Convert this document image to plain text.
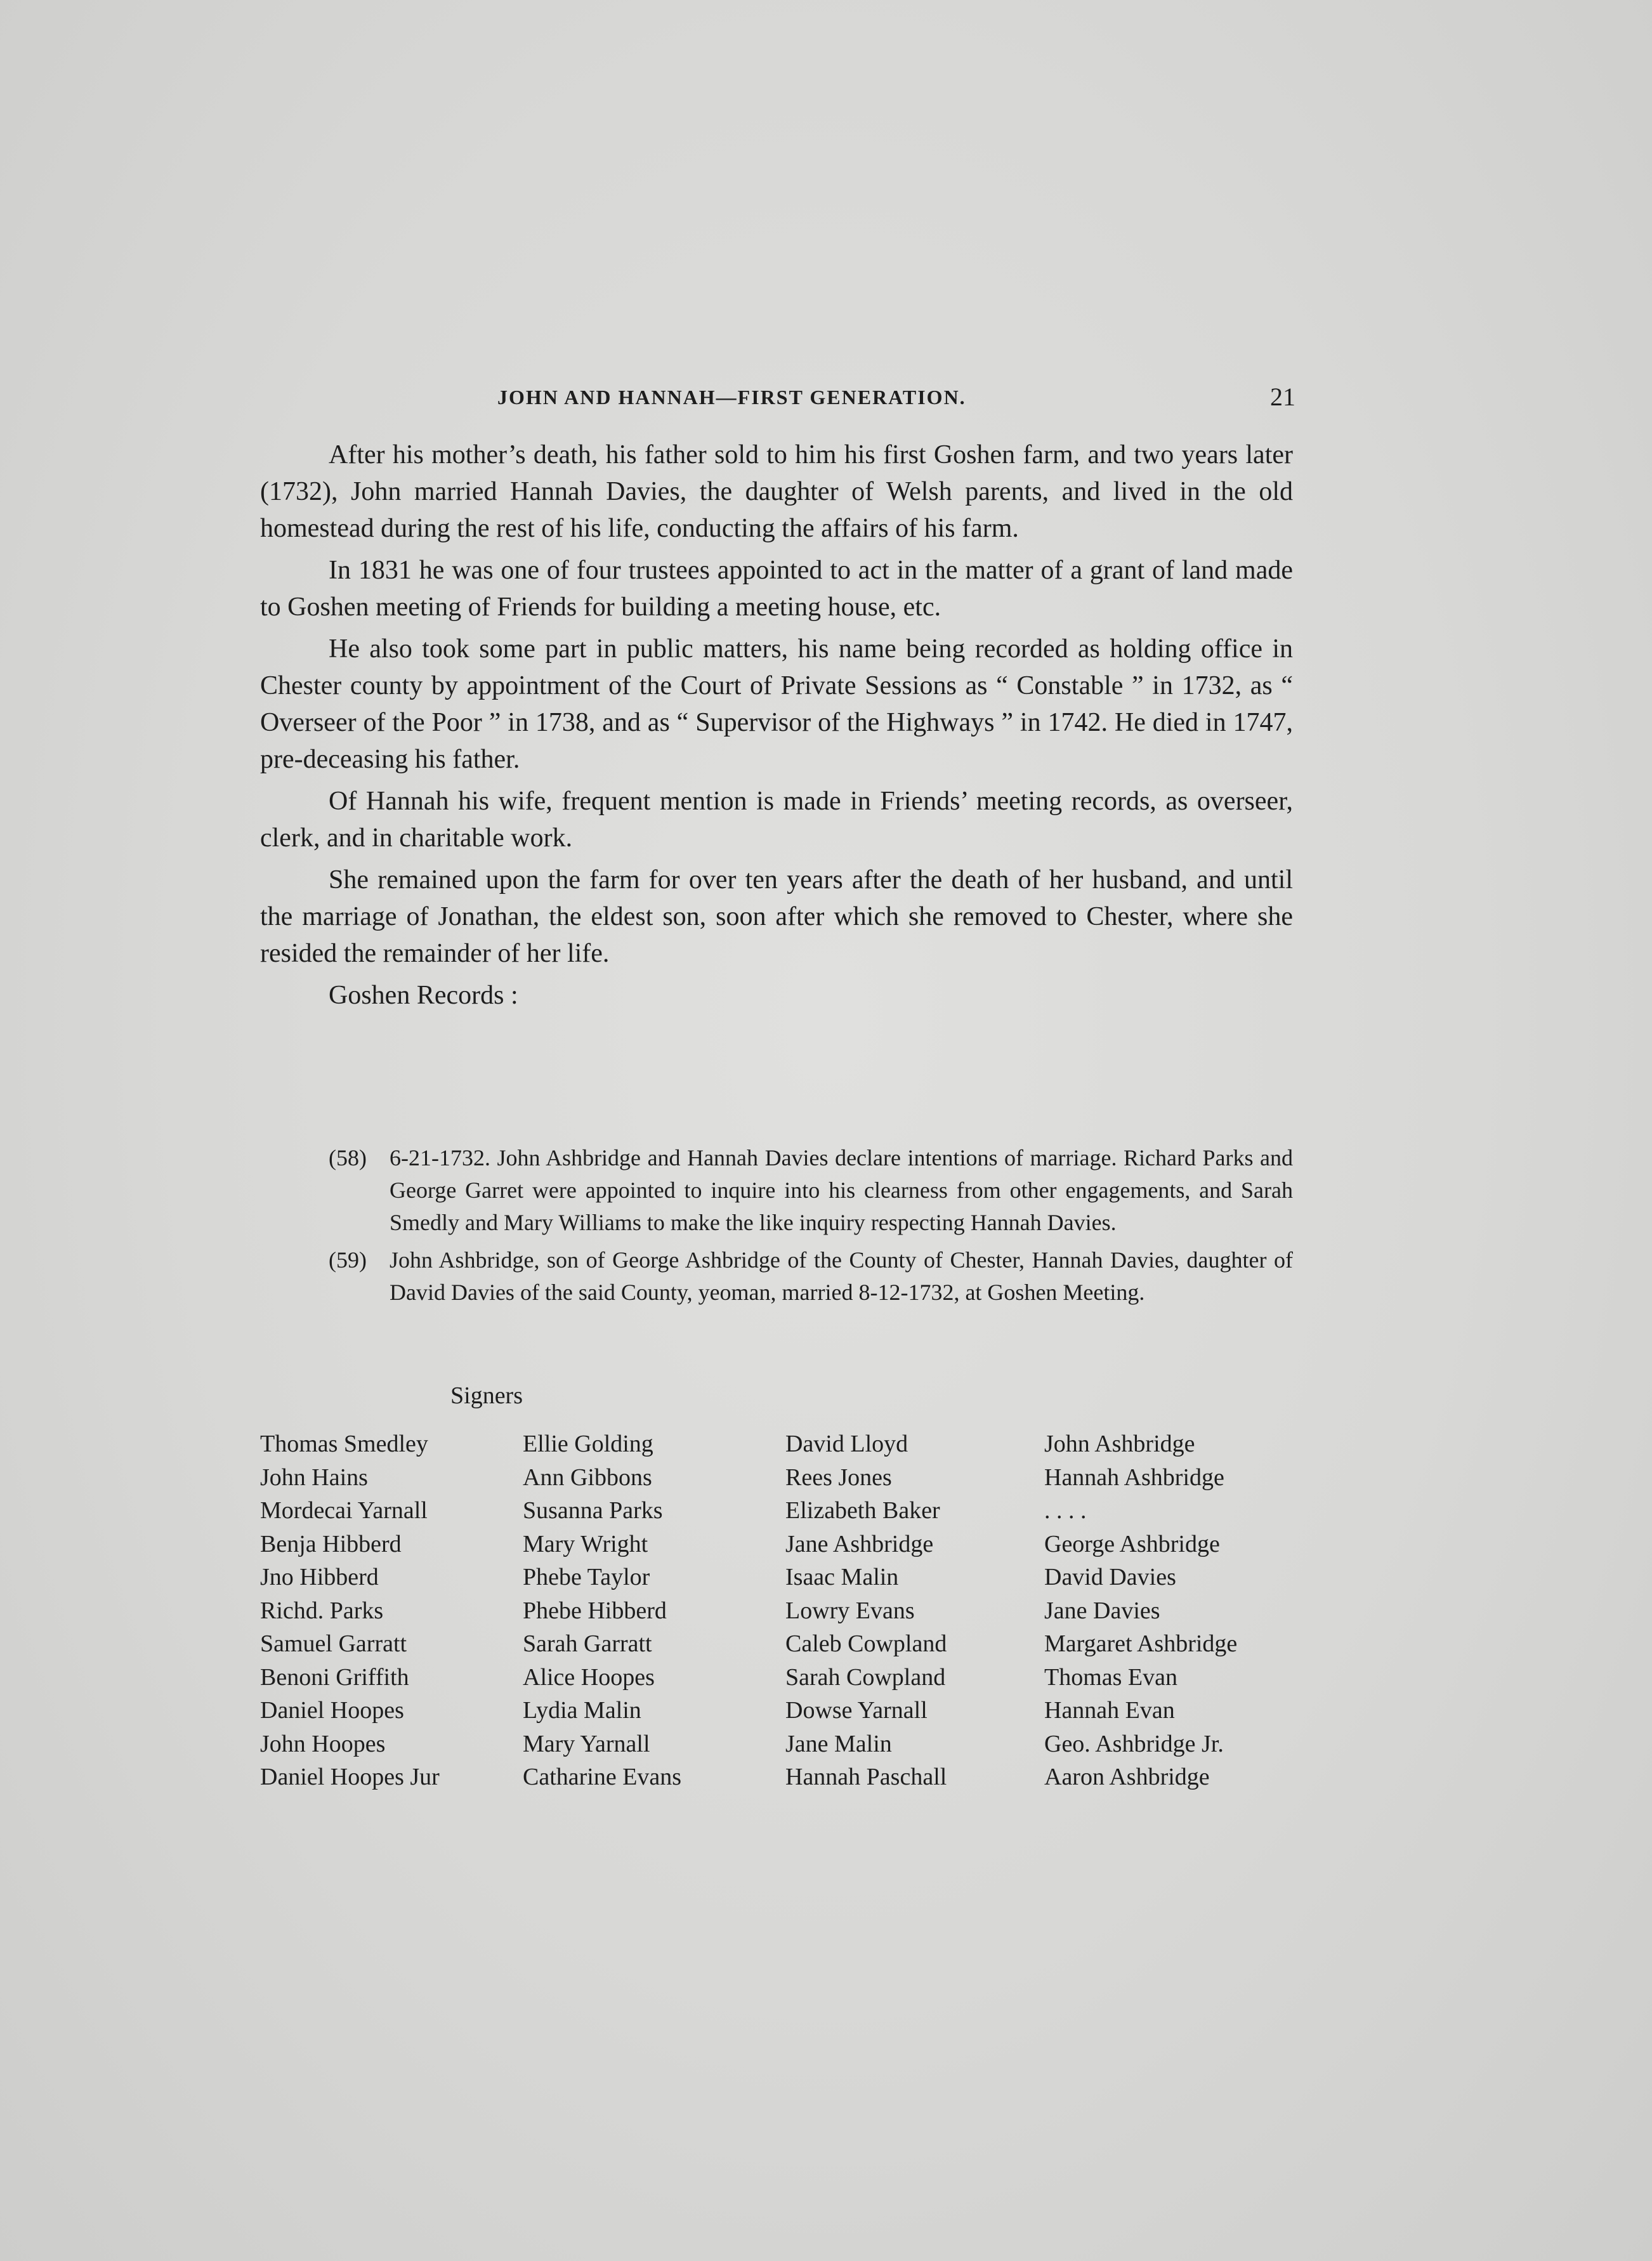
JOHN AND HANNAH—FIRST GENERATION.	21

After his mother’s death, his father sold to him his first Goshen farm, and two years later (1732), John married Hannah Davies, the daughter of Welsh parents, and lived in the old homestead during the rest of his life, conducting the affairs of his farm.

In 1831 he was one of four trustees appointed to act in the matter of a grant of land made to Goshen meeting of Friends for building a meeting house, etc.

He also took some part in public matters, his name being recorded as holding office in Chester county by appointment of the Court of Private Sessions as “ Constable ” in 1732, as “ Overseer of the Poor ” in 1738, and as “ Supervisor of the Highways ” in 1742. He died in 1747, pre-deceasing his father.

Of Hannah his wife, frequent mention is made in Friends’ meeting records, as overseer, clerk, and in charitable work.

She remained upon the farm for over ten years after the death of her husband, and until the marriage of Jonathan, the eldest son, soon after which she removed to Chester, where she resided the remainder of her life.

Goshen Records :
(58) 6-21-1732. John Ashbridge and Hannah Davies declare intentions of marriage. Richard Parks and George Garret were appointed to inquire into his clearness from other engagements, and Sarah Smedly and Mary Williams to make the like inquiry respecting Hannah Davies.
(59) John Ashbridge, son of George Ashbridge of the County of Chester, Hannah Davies, daughter of David Davies of the said County, yeoman, married 8-12-1732, at Goshen Meeting.
Signers
Thomas Smedley
John Hains
Mordecai Yarnall
Benja Hibberd
Jno Hibberd
Richd. Parks
Samuel Garratt
Benoni Griffith
Daniel Hoopes
John Hoopes
Daniel Hoopes Jur
Ellie Golding
Ann Gibbons
Susanna Parks
Mary Wright
Phebe Taylor
Phebe Hibberd
Sarah Garratt
Alice Hoopes
Lydia Malin
Mary Yarnall
Catharine Evans
David Lloyd
Rees Jones
Elizabeth Baker
Jane Ashbridge
Isaac Malin
Lowry Evans
Caleb Cowpland
Sarah Cowpland
Dowse Yarnall
Jane Malin
Hannah Paschall
John Ashbridge
Hannah Ashbridge
. . . .
George Ashbridge
David Davies
Jane Davies
Margaret Ashbridge
Thomas Evan
Hannah Evan
Geo. Ashbridge Jr.
Aaron Ashbridge
